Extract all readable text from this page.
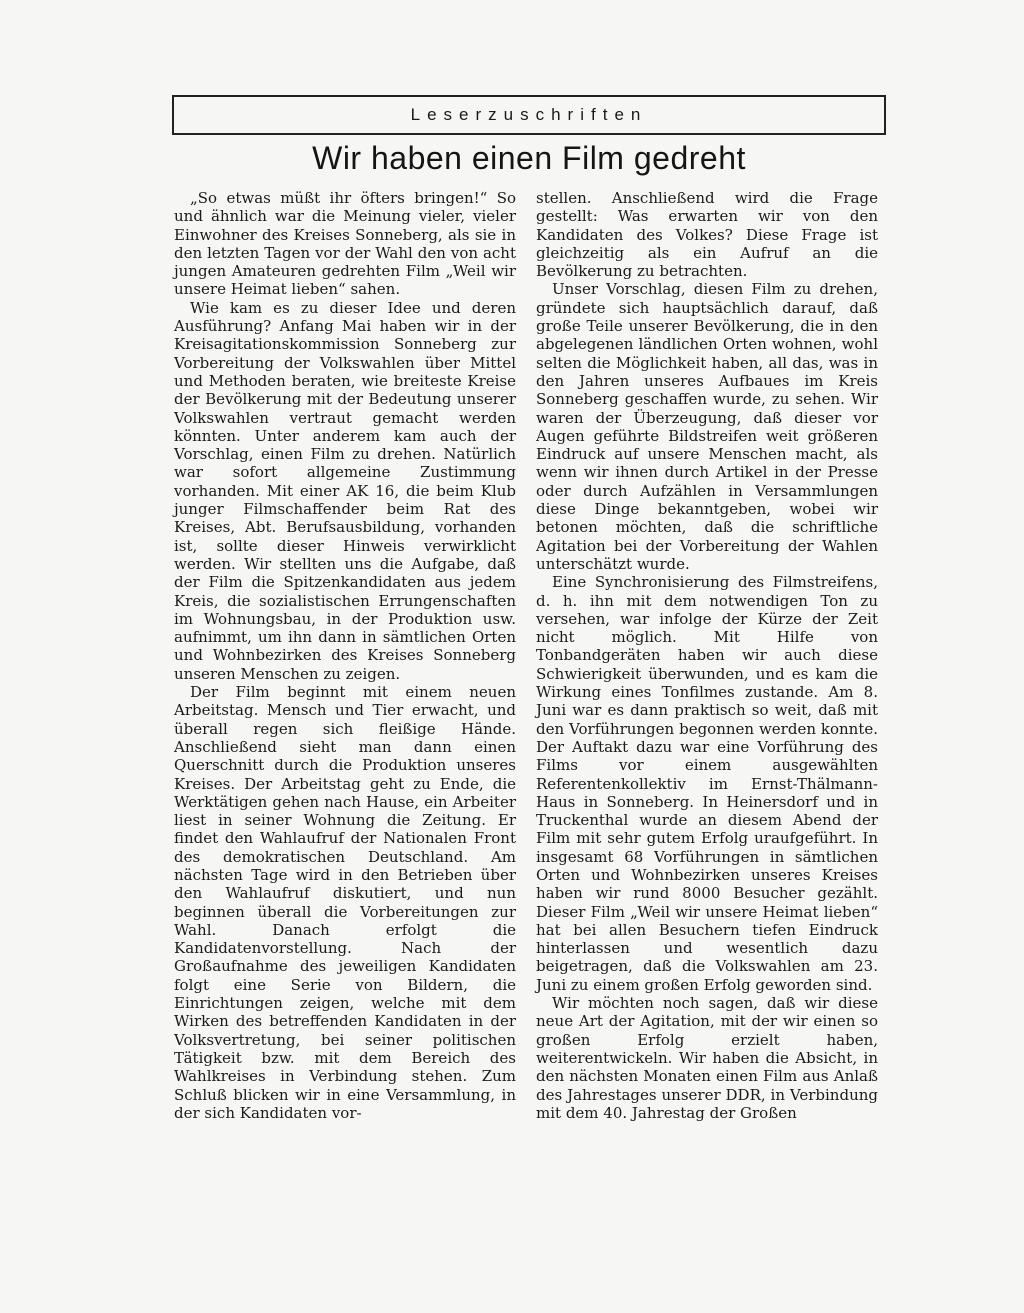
Leserzuschriften
Wir haben einen Film gedreht

„So etwas müßt ihr öfters bringen!“ So und ähnlich war die Meinung vieler, vieler Einwohner des Kreises Sonneberg, als sie in den letzten Tagen vor der Wahl den von acht jungen Amateuren gedrehten Film „Weil wir unsere Heimat lieben“ sahen.

Wie kam es zu dieser Idee und deren Ausführung? Anfang Mai haben wir in der Kreisagitationskommission Sonneberg zur Vorbereitung der Volkswahlen über Mittel und Methoden beraten, wie breiteste Kreise der Bevölkerung mit der Bedeutung unserer Volkswahlen vertraut gemacht werden könnten. Unter anderem kam auch der Vorschlag, einen Film zu drehen. Natürlich war sofort allgemeine Zustimmung vorhanden. Mit einer AK 16, die beim Klub junger Filmschaffender beim Rat des Kreises, Abt. Berufsausbildung, vorhanden ist, sollte dieser Hinweis verwirklicht werden. Wir stellten uns die Aufgabe, daß der Film die Spitzenkandidaten aus jedem Kreis, die sozialistischen Errungenschaften im Wohnungsbau, in der Produktion usw. aufnimmt, um ihn dann in sämtlichen Orten und Wohnbezirken des Kreises Sonneberg unseren Menschen zu zeigen.

Der Film beginnt mit einem neuen Arbeitstag. Mensch und Tier erwacht, und überall regen sich fleißige Hände. Anschließend sieht man dann einen Querschnitt durch die Produktion unseres Kreises. Der Arbeitstag geht zu Ende, die Werktätigen gehen nach Hause, ein Arbeiter liest in seiner Wohnung die Zeitung. Er findet den Wahlaufruf der Nationalen Front des demokratischen Deutschland. Am nächsten Tage wird in den Betrieben über den Wahlaufruf diskutiert, und nun beginnen überall die Vorbereitungen zur Wahl. Danach erfolgt die Kandidatenvorstellung. Nach der Großaufnahme des jeweiligen Kandidaten folgt eine Serie von Bildern, die Einrichtungen zeigen, welche mit dem Wirken des betreffenden Kandidaten in der Volksvertretung, bei seiner politischen Tätigkeit bzw. mit dem Bereich des Wahlkreises in Verbindung stehen. Zum Schluß blicken wir in eine Versammlung, in der sich Kandidaten vor-

stellen. Anschließend wird die Frage gestellt: Was erwarten wir von den Kandidaten des Volkes? Diese Frage ist gleichzeitig als ein Aufruf an die Bevölkerung zu betrachten.

Unser Vorschlag, diesen Film zu drehen, gründete sich hauptsächlich darauf, daß große Teile unserer Bevölkerung, die in den abgelegenen ländlichen Orten wohnen, wohl selten die Möglichkeit haben, all das, was in den Jahren unseres Aufbaues im Kreis Sonneberg geschaffen wurde, zu sehen. Wir waren der Überzeugung, daß dieser vor Augen geführte Bildstreifen weit größeren Eindruck auf unsere Menschen macht, als wenn wir ihnen durch Artikel in der Presse oder durch Aufzählen in Versammlungen diese Dinge bekanntgeben, wobei wir betonen möchten, daß die schriftliche Agitation bei der Vorbereitung der Wahlen unterschätzt wurde.

Eine Synchronisierung des Filmstreifens, d. h. ihn mit dem notwendigen Ton zu versehen, war infolge der Kürze der Zeit nicht möglich. Mit Hilfe von Tonbandgeräten haben wir auch diese Schwierigkeit überwunden, und es kam die Wirkung eines Tonfilmes zustande. Am 8. Juni war es dann praktisch so weit, daß mit den Vorführungen begonnen werden konnte. Der Auftakt dazu war eine Vorführung des Films vor einem ausgewählten Referentenkollektiv im Ernst-Thälmann-Haus in Sonneberg. In Heinersdorf und in Truckenthal wurde an diesem Abend der Film mit sehr gutem Erfolg uraufgeführt. In insgesamt 68 Vorführungen in sämtlichen Orten und Wohnbezirken unseres Kreises haben wir rund 8000 Besucher gezählt. Dieser Film „Weil wir unsere Heimat lieben“ hat bei allen Besuchern tiefen Eindruck hinterlassen und wesentlich dazu beigetragen, daß die Volkswahlen am 23. Juni zu einem großen Erfolg geworden sind.

Wir möchten noch sagen, daß wir diese neue Art der Agitation, mit der wir einen so großen Erfolg erzielt haben, weiterentwickeln. Wir haben die Absicht, in den nächsten Monaten einen Film aus Anlaß des Jahrestages unserer DDR, in Verbindung mit dem 40. Jahrestag der Großen
